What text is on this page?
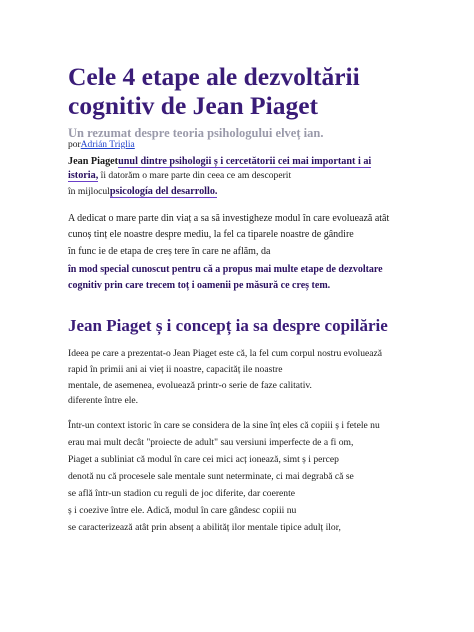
Cele 4 etape ale dezvoltării cognitiv de Jean Piaget
Un rezumat despre teoria psihologului elveț ian.
porAdrián Triglia
Jean Piagetunul dintre psihologii ș i cercetătorii cei mai important i ai
istoria, îi datorăm o mare parte din ceea ce am descoperit
în mijloculpsicología del desarrollo.
A dedicat o mare parte din viaț a sa să investigheze modul în care evoluează atât
cunoș tinț ele noastre despre mediu, la fel ca tiparele noastre de gândire
în func ie de etapa de creș tere în care ne aflăm, da
în mod special cunoscut pentru că a propus mai multe etape de dezvoltare
cognitiv prin care trecem toț i oamenii pe măsură ce creș tem.
Jean Piaget ș i concepț ia sa despre copilărie
Ideea pe care a prezentat-o Jean Piaget este că, la fel cum corpul nostru evoluează
rapid în primii ani ai vieț ii noastre, capacităț ile noastre
mentale, de asemenea, evoluează printr-o serie de faze calitativ.
diferente între ele.
Într-un context istoric în care se considera de la sine înț eles că copiii ș i fetele nu
erau mai mult decât "proiecte de adult" sau versiuni imperfecte de a fi om,
Piaget a subliniat că modul în care cei mici acț ionează, simt ș i percep
denotă nu că procesele sale mentale sunt neterminate, ci mai degrabă că se
se află într-un stadion cu reguli de joc diferite, dar coerente
ș i coezive între ele. Adică, modul în care gândesc copiii nu
se caracterizează atât prin absenț a abilităț ilor mentale tipice adulț ilor,
